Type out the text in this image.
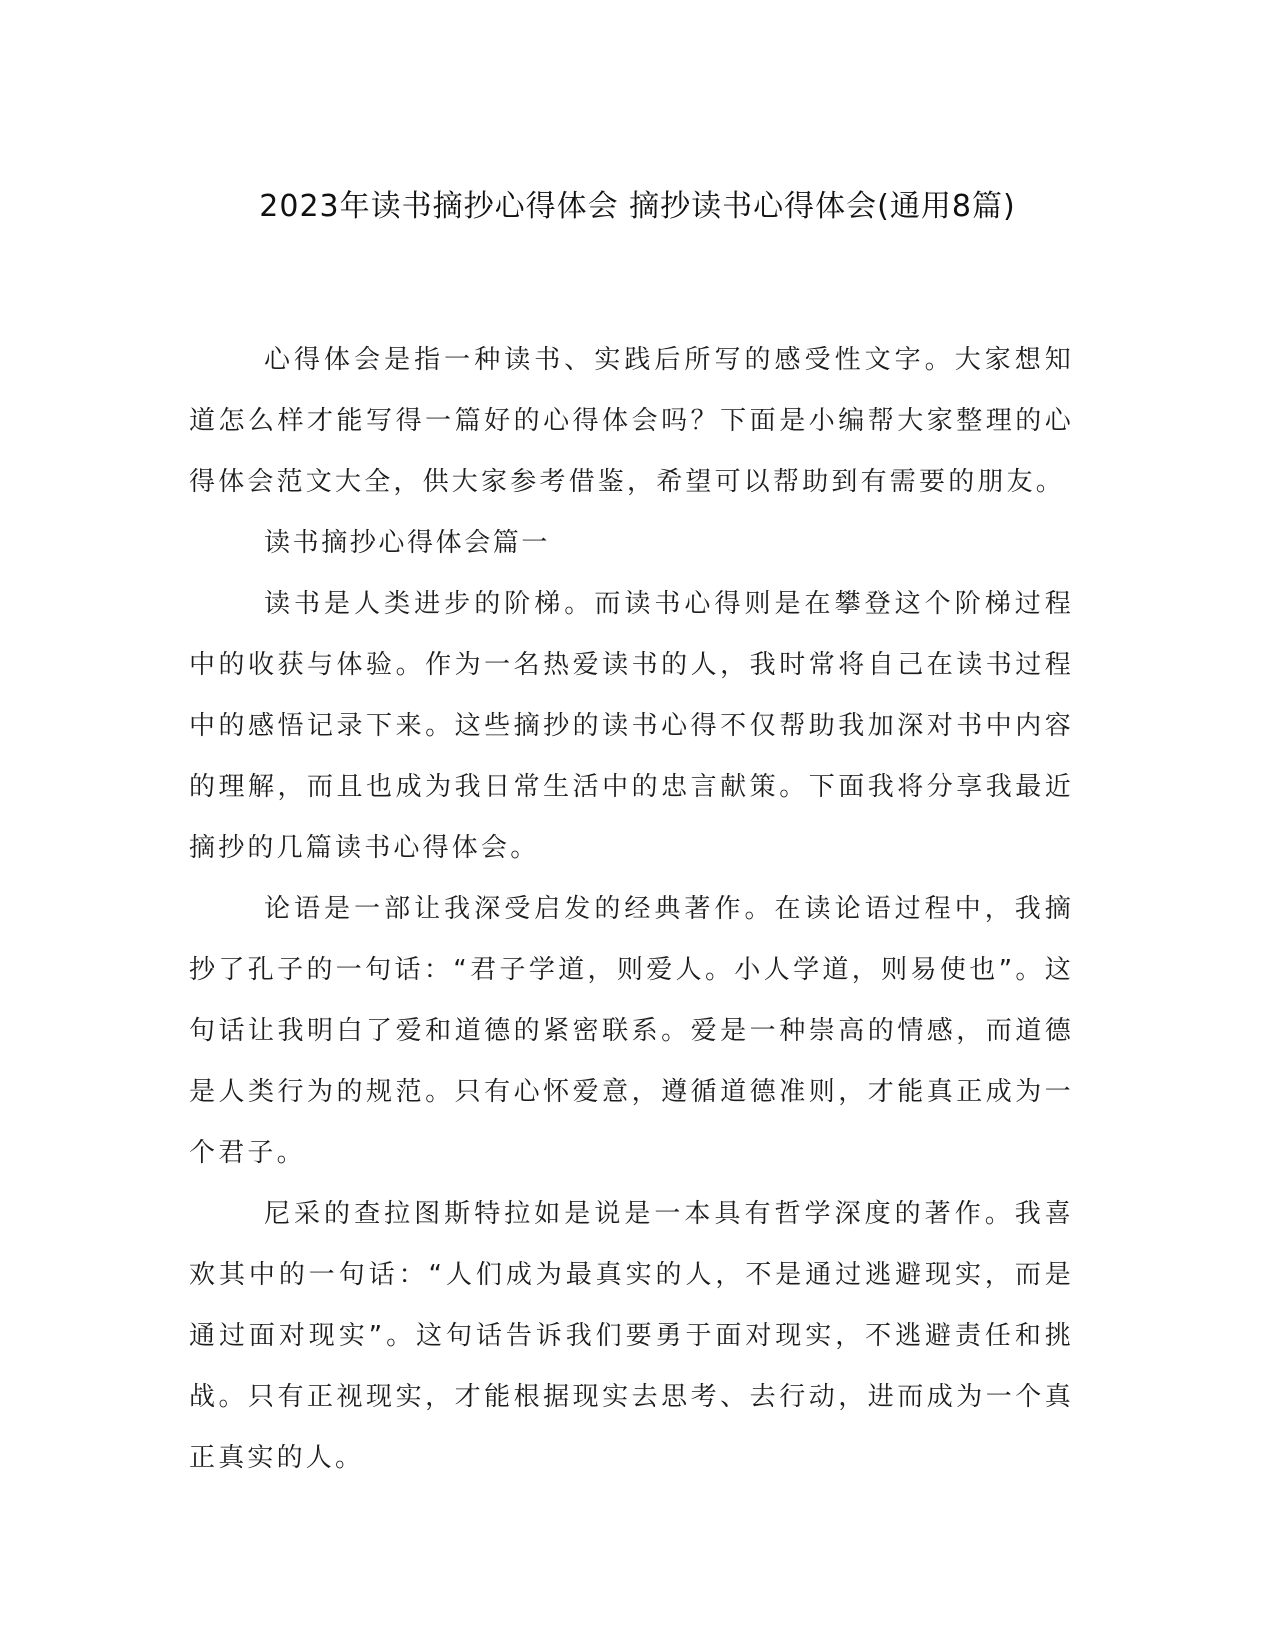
2023年读书摘抄心得体会 摘抄读书心得体会(通用8篇)

心得体会是指一种读书、实践后所写的感受性文字。大家想知道怎么样才能写得一篇好的心得体会吗？下面是小编帮大家整理的心得体会范文大全，供大家参考借鉴，希望可以帮助到有需要的朋友。

读书摘抄心得体会篇一

读书是人类进步的阶梯。而读书心得则是在攀登这个阶梯过程中的收获与体验。作为一名热爱读书的人，我时常将自己在读书过程中的感悟记录下来。这些摘抄的读书心得不仅帮助我加深对书中内容的理解，而且也成为我日常生活中的忠言献策。下面我将分享我最近摘抄的几篇读书心得体会。

论语是一部让我深受启发的经典著作。在读论语过程中，我摘抄了孔子的一句话：“君子学道，则爱人。小人学道，则易使也”。这句话让我明白了爱和道德的紧密联系。爱是一种崇高的情感，而道德是人类行为的规范。只有心怀爱意，遵循道德准则，才能真正成为一个君子。

尼采的查拉图斯特拉如是说是一本具有哲学深度的著作。我喜欢其中的一句话：“人们成为最真实的人，不是通过逃避现实，而是通过面对现实”。这句话告诉我们要勇于面对现实，不逃避责任和挑战。只有正视现实，才能根据现实去思考、去行动，进而成为一个真正真实的人。
